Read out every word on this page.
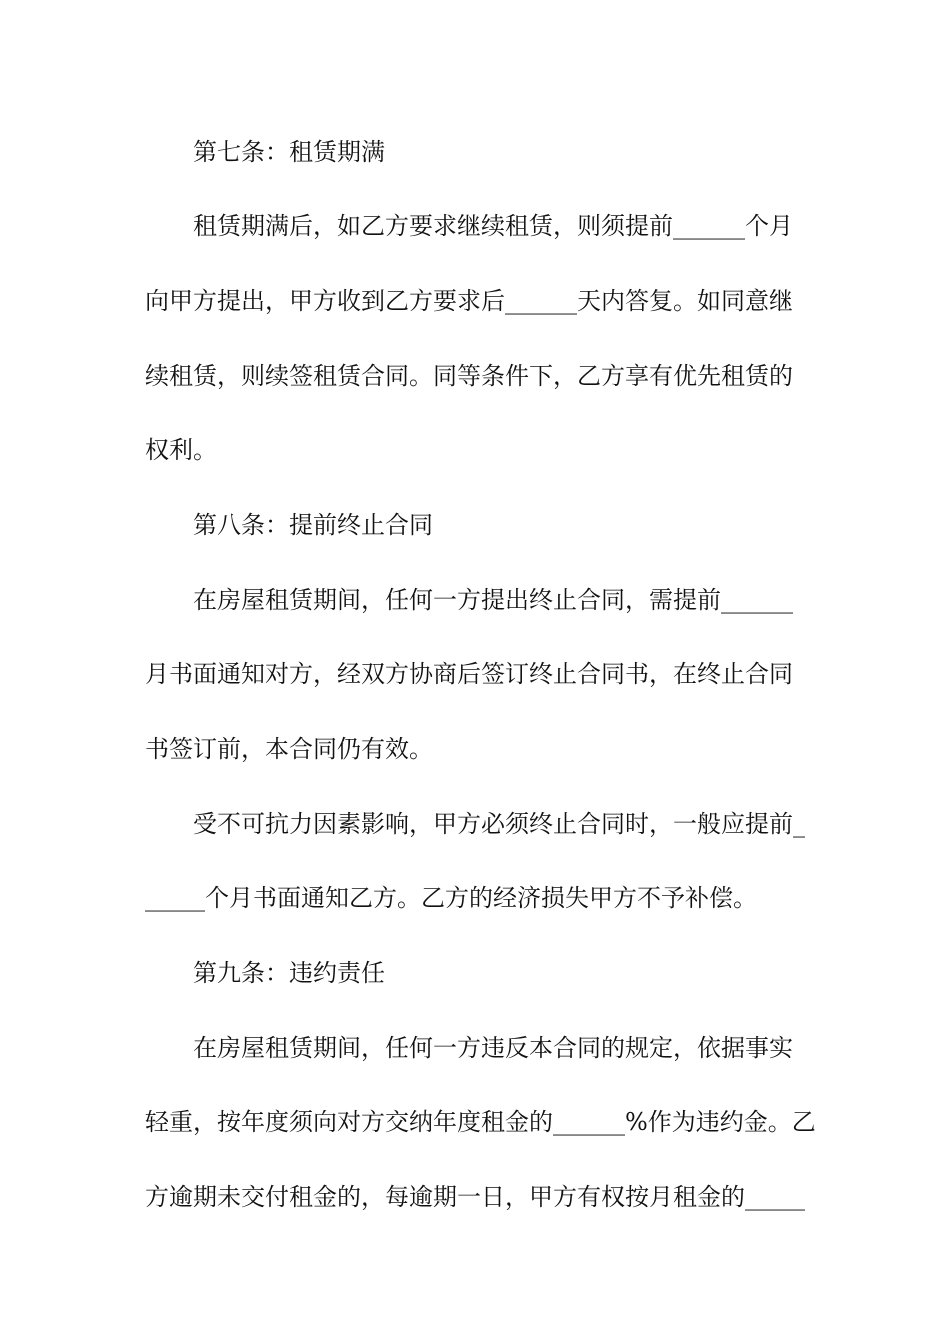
第七条：租赁期满
租赁期满后，如乙方要求继续租赁，则须提前______个月
向甲方提出，甲方收到乙方要求后______天内答复。如同意继
续租赁，则续签租赁合同。同等条件下，乙方享有优先租赁的
权利。
第八条：提前终止合同
在房屋租赁期间，任何一方提出终止合同，需提前______
月书面通知对方，经双方协商后签订终止合同书，在终止合同
书签订前，本合同仍有效。
受不可抗力因素影响，甲方必须终止合同时，一般应提前_
_____个月书面通知乙方。乙方的经济损失甲方不予补偿。
第九条：违约责任
在房屋租赁期间，任何一方违反本合同的规定，依据事实
轻重，按年度须向对方交纳年度租金的______%作为违约金。乙
方逾期未交付租金的，每逾期一日，甲方有权按月租金的_____
